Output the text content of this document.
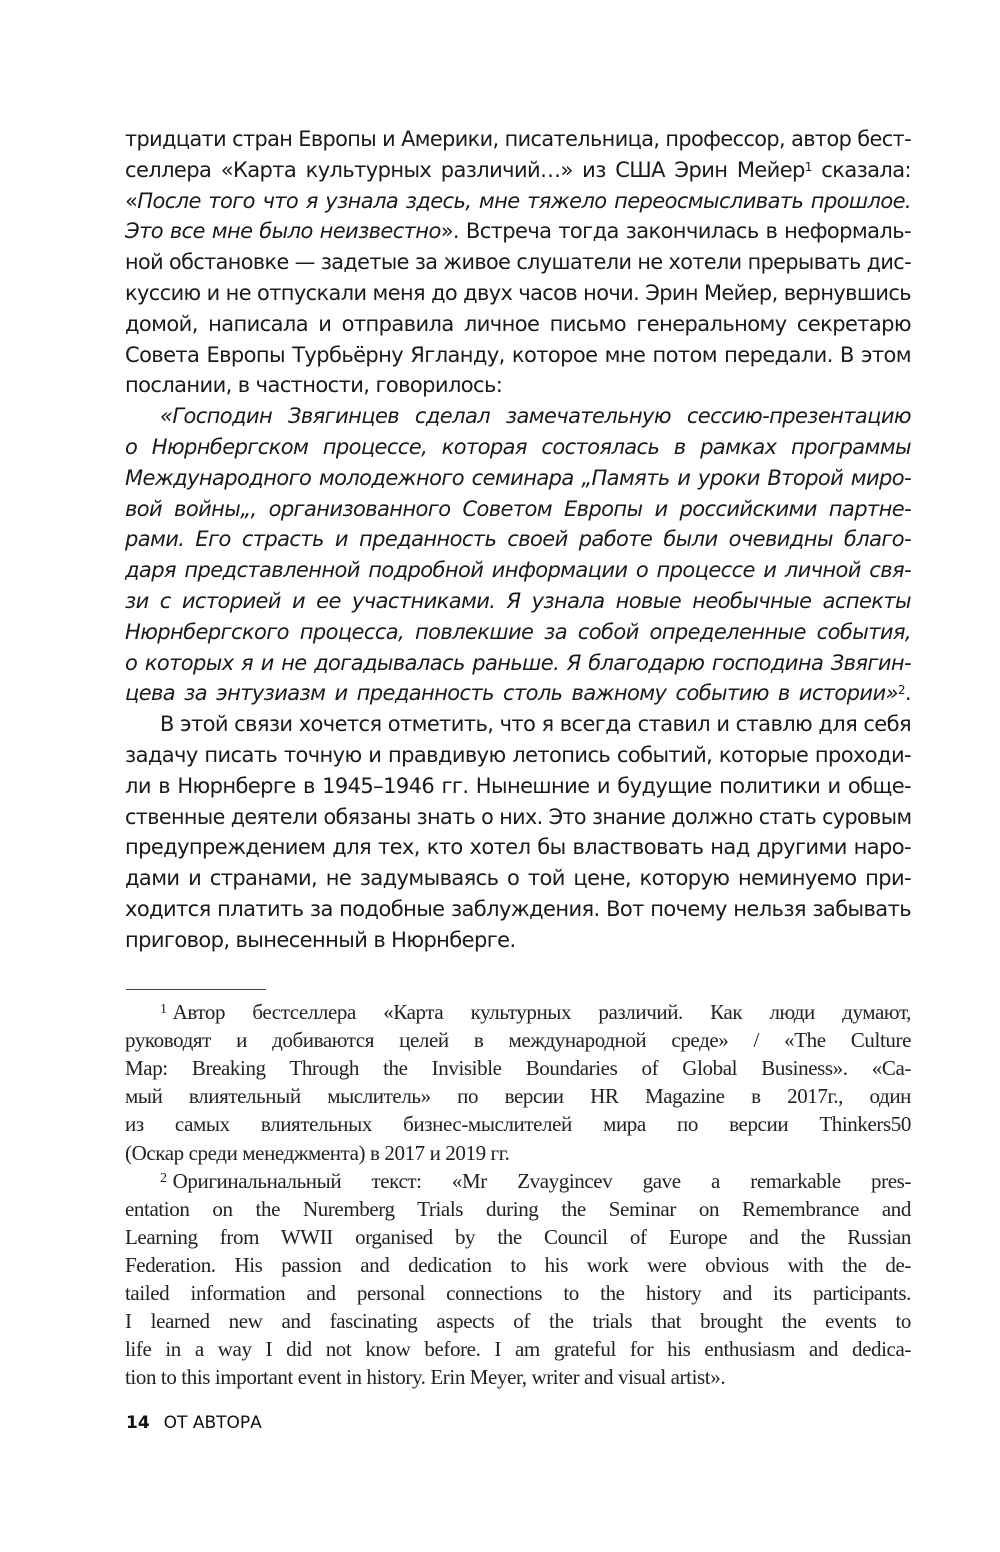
тридцати стран Европы и Америки, писательница, профессор, автор бест-
селлера «Карта культурных различий…» из США Эрин Мейер$^1$ сказала:
«После того что я узнала здесь, мне тяжело переосмысливать прошлое.
Это все мне было неизвестно». Встреча тогда закончилась в неформаль-
ной обстановке — задетые за живое слушатели не хотели прерывать дис-
куссию и не отпускали меня до двух часов ночи. Эрин Мейер, вернувшись
домой, написала и отправила личное письмо генеральному секретарю
Совета Европы Турбьёрну Ягланду, которое мне потом передали. В этом
послании, в частности, говорилось:
«Господин Звягинцев сделал замечательную сессию-презентацию
о Нюрнбергском процессе, которая состоялась в рамках программы
Международного молодежного семинара „Память и уроки Второй миро-
вой войны„, организованного Советом Европы и российскими партне-
рами. Его страсть и преданность своей работе были очевидны благо-
даря представленной подробной информации о процессе и личной свя-
зи с историей и ее участниками. Я узнала новые необычные аспекты
Нюрнбергского процесса, повлекшие за собой определенные события,
о которых я и не догадывалась раньше. Я благодарю господина Звягин-
цева за энтузиазм и преданность столь важному событию в истории»$^2$.
В этой связи хочется отметить, что я всегда ставил и ставлю для себя
задачу писать точную и правдивую летопись событий, которые проходи-
ли в Нюрнберге в 1945–1946 гг. Нынешние и будущие политики и обще-
ственные деятели обязаны знать о них. Это знание должно стать суровым
предупреждением для тех, кто хотел бы властвовать над другими наро-
дами и странами, не задумываясь о той цене, которую неминуемо при-
ходится платить за подобные заблуждения. Вот почему нельзя забывать
приговор, вынесенный в Нюрнберге.
$^1$ Автор бестселлера «Карта культурных различий. Как люди думают,
руководят и добиваются целей в международной среде» / «The Culture
Map: Breaking Through the Invisible Boundaries of Global Business». «Са-
мый влиятельный мыслитель» по версии HR Magazine в 2017г., один
из самых влиятельных бизнес-мыслителей мира по версии Thinkers50
(Оскар среди менеджмента) в 2017 и 2019 гг.
$^2$ Оригинальнальный текст: «Mr Zvaygincev gave a remarkable pres-
entation on the Nuremberg Trials during the Seminar on Remembrance and
Learning from WWII organised by the Council of Europe and the Russian
Federation. His passion and dedication to his work were obvious with the de-
tailed information and personal connections to the history and its participants.
I learned new and fascinating aspects of the trials that brought the events to
life in a way I did not know before. I am grateful for his enthusiasm and dedica-
tion to this important event in history. Erin Meyer, writer and visual artist».
14 ОТ АВТОРА
